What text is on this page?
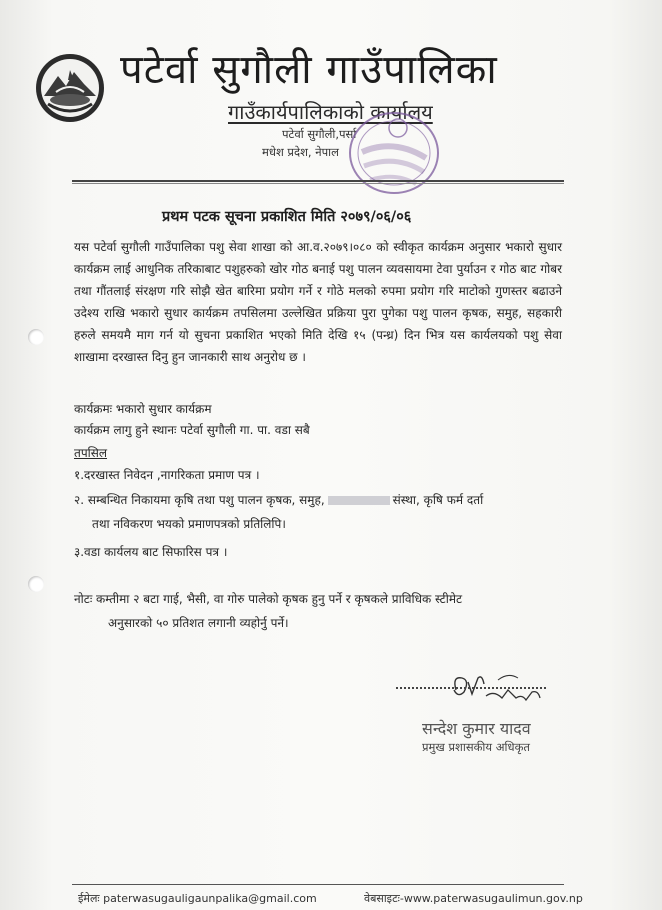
पटेर्वा सुगौली गाउँपालिका
गाउँकार्यपालिकाको कार्यालय
पटेर्वा सुगौली,पर्सा
मधेश प्रदेश, नेपाल
प्रथम पटक सूचना प्रकाशित मिति २०७९/०६/०६
यस पटेर्वा सुगौली गाउँपालिका पशु सेवा शाखा को आ.व.२०७९।०८० को स्वीकृत कार्यक्रम अनुसार भकारो सुधार कार्यक्रम लाई आधुनिक तरिकाबाट पशुहरुको खोर गोठ बनाई पशु पालन व्यवसायमा टेवा पुर्याउन र गोठ बाट गोबर तथा गौंतलाई संरक्षण गरि सोझै खेत बारिमा प्रयोग गर्ने र गोठे मलको रुपमा प्रयोग गरि माटोको गुणस्तर बढाउने उदेश्य राखि भकारो सुधार कार्यक्रम तपसिलमा उल्लेखित प्रक्रिया पुरा पुगेका पशु पालन कृषक, समुह, सहकारी हरुले समयमै माग गर्न यो सुचना प्रकाशित भएको मिति देखि १५ (पन्ध्र) दिन भित्र यस कार्यलयको पशु सेवा शाखामा दरखास्त दिनु हुन जानकारी साथ अनुरोध छ ।
कार्यक्रमः भकारो सुधार कार्यक्रम
कार्यक्रम लागु हुने स्थानः पटेर्वा सुगौली गा. पा. वडा सबै
तपसिल
१.दरखास्त निवेदन ,नागरिकता प्रमाण पत्र ।
२. सम्बन्धित निकायमा कृषि तथा पशु पालन कृषक, समुह,	संस्था, कृषि फर्म दर्ता
तथा नविकरण भयको प्रमाणपत्रको प्रतिलिपि।
३.वडा कार्यलय बाट सिफारिस पत्र ।
नोटः कम्तीमा २ बटा गाई, भैसी, वा गोरु पालेको कृषक हुनु पर्ने र कृषकले प्राविधिक स्टीमेट
अनुसारको ५० प्रतिशत लगानी व्यहोर्नु पर्ने।
सन्देश कुमार यादव
प्रमुख प्रशासकीय अधिकृत
ईमेलः paterwasugauligaunpalika@gmail.com	वेबसाइटः-www.paterwasugaulimun.gov.np
